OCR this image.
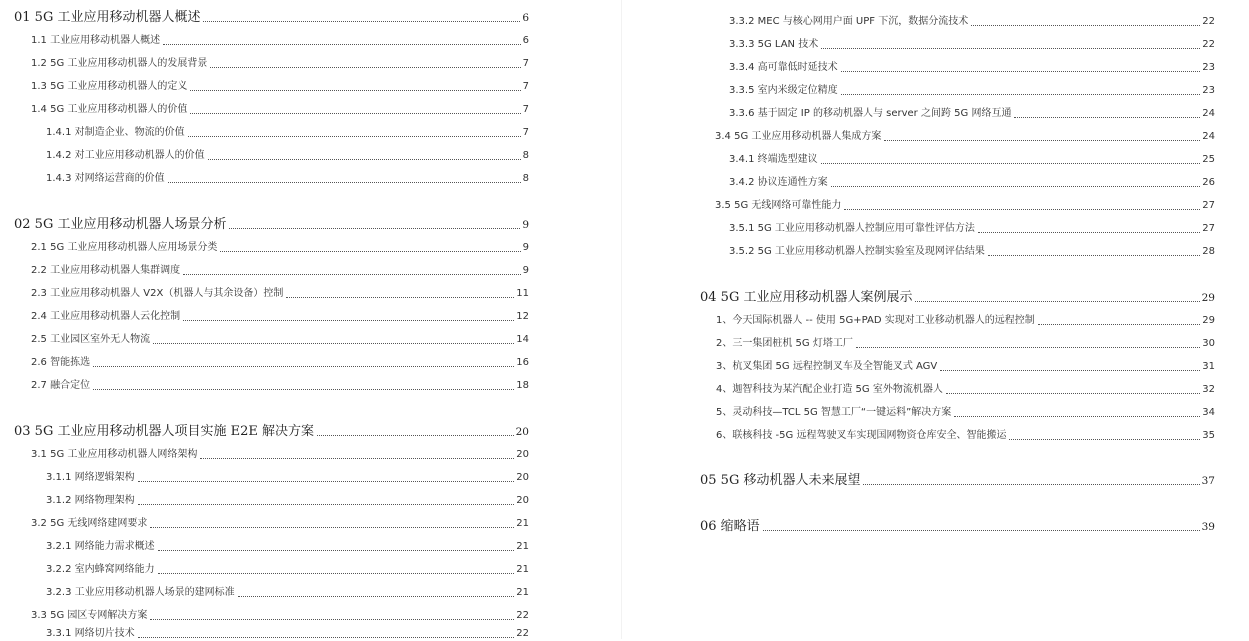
01 5G 工业应用移动机器人概述	6
1.1 工业应用移动机器人概述	6
1.2 5G 工业应用移动机器人的发展背景	7
1.3 5G 工业应用移动机器人的定义	7
1.4 5G 工业应用移动机器人的价值	7
1.4.1 对制造企业、物流的价值	7
1.4.2 对工业应用移动机器人的价值	8
1.4.3 对网络运营商的价值	8
02 5G 工业应用移动机器人场景分析	9
2.1 5G 工业应用移动机器人应用场景分类	9
2.2 工业应用移动机器人集群调度	9
2.3 工业应用移动机器人 V2X（机器人与其余设备）控制	11
2.4 工业应用移动机器人云化控制	12
2.5 工业园区室外无人物流	14
2.6 智能拣选	16
2.7 融合定位	18
03 5G 工业应用移动机器人项目实施 E2E 解决方案	20
3.1 5G 工业应用移动机器人网络架构	20
3.1.1 网络逻辑架构	20
3.1.2 网络物理架构	20
3.2 5G 无线网络建网要求	21
3.2.1 网络能力需求概述	21
3.2.2 室内蜂窝网络能力	21
3.2.3 工业应用移动机器人场景的建网标准	21
3.3 5G 园区专网解决方案	22
3.3.1 网络切片技术	22
3.3.2 MEC 与核心网用户面 UPF 下沉，数据分流技术	22
3.3.3 5G LAN 技术	22
3.3.4 高可靠低时延技术	23
3.3.5 室内米级定位精度	23
3.3.6 基于固定 IP 的移动机器人与 server 之间跨 5G 网络互通	24
3.4 5G 工业应用移动机器人集成方案	24
3.4.1 终端选型建议	25
3.4.2 协议连通性方案	26
3.5 5G 无线网络可靠性能力	27
3.5.1 5G 工业应用移动机器人控制应用可靠性评估方法	27
3.5.2 5G 工业应用移动机器人控制实验室及现网评估结果	28
04 5G 工业应用移动机器人案例展示	29
1、今天国际机器人 -- 使用 5G+PAD 实现对工业移动机器人的远程控制	29
2、三一集团桩机 5G 灯塔工厂	30
3、杭叉集团 5G 远程控制叉车及全智能叉式 AGV	31
4、迦智科技为某汽配企业打造 5G 室外物流机器人	32
5、灵动科技—TCL 5G 智慧工厂“一键运料”解决方案	34
6、联核科技 -5G 远程驾驶叉车实现国网物资仓库安全、智能搬运	35
05 5G 移动机器人未来展望	37
06 缩略语	39
